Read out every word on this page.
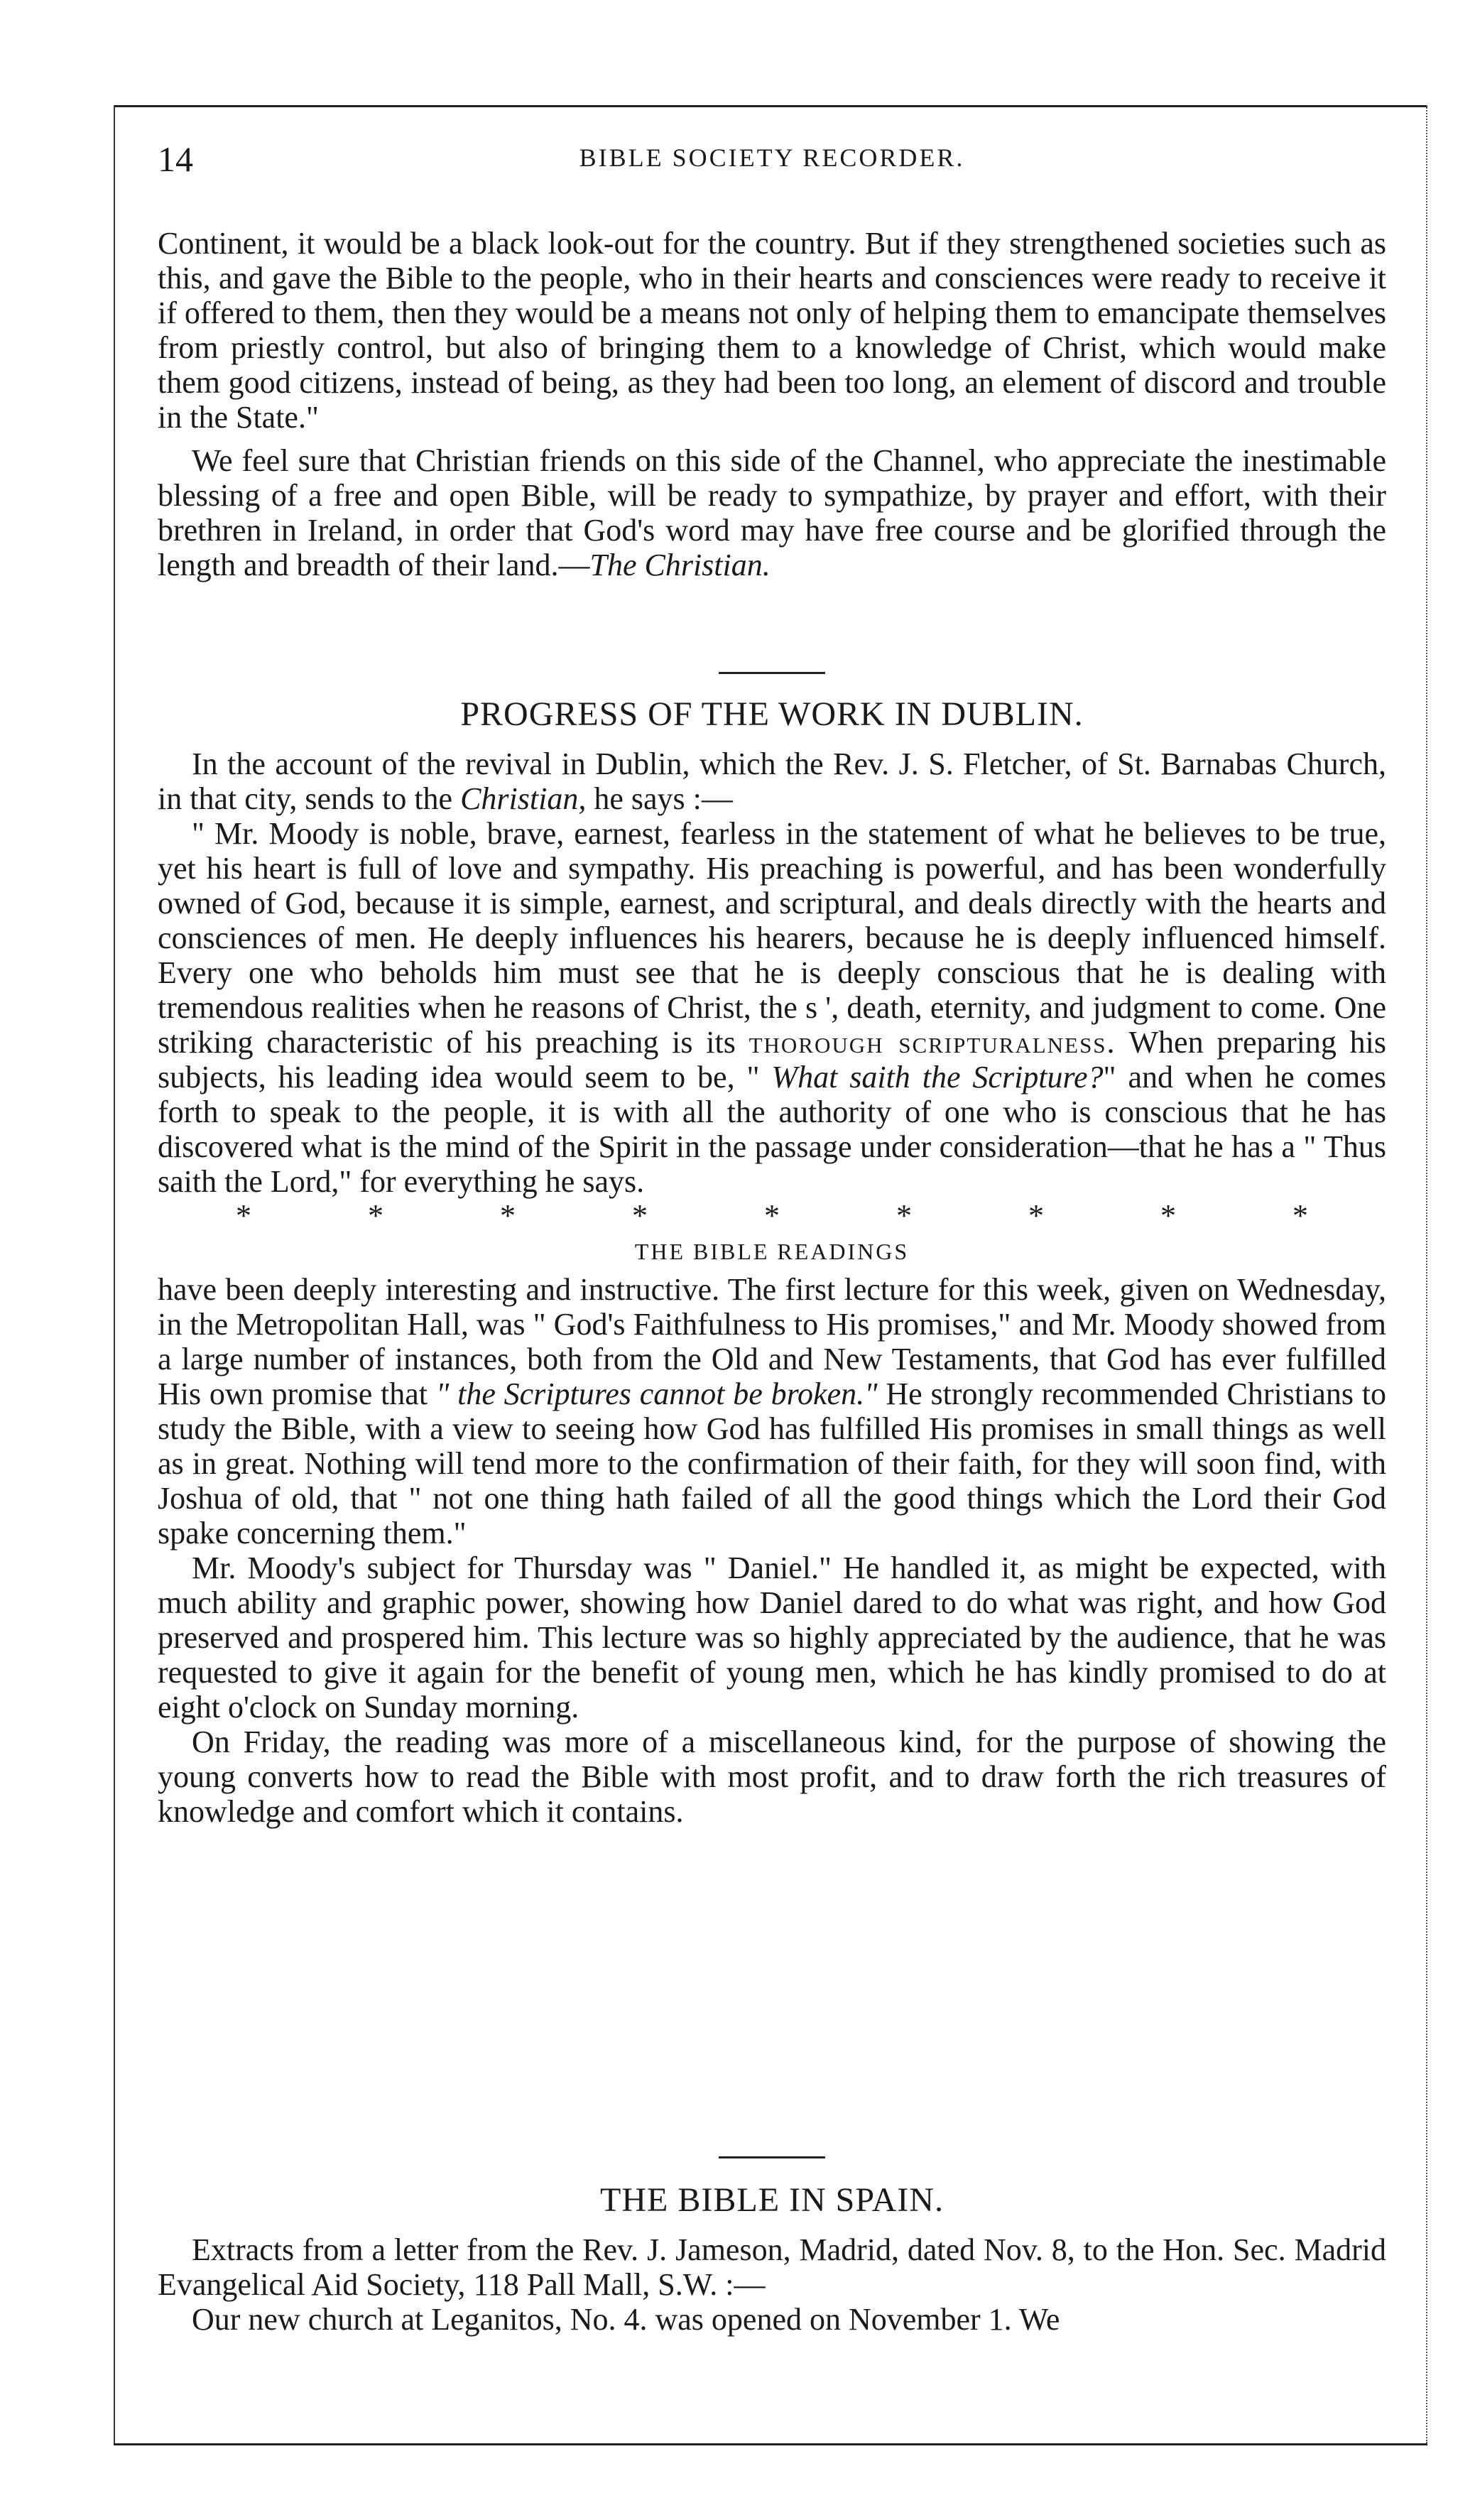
14	BIBLE SOCIETY RECORDER.

Continent, it would be a black look-out for the country. But if they strengthened societies such as this, and gave the Bible to the people, who in their hearts and consciences were ready to receive it if offered to them, then they would be a means not only of helping them to emancipate themselves from priestly control, but also of bringing them to a knowledge of Christ, which would make them good citizens, instead of being, as they had been too long, an element of discord and trouble in the State."

We feel sure that Christian friends on this side of the Channel, who appreciate the inestimable blessing of a free and open Bible, will be ready to sympathize, by prayer and effort, with their brethren in Ireland, in order that God's word may have free course and be glorified through the length and breadth of their land.—The Christian.

PROGRESS OF THE WORK IN DUBLIN.

In the account of the revival in Dublin, which the Rev. J. S. Fletcher, of St. Barnabas Church, in that city, sends to the Christian, he says :—

" Mr. Moody is noble, brave, earnest, fearless in the statement of what he believes to be true, yet his heart is full of love and sympathy. His preaching is powerful, and has been wonderfully owned of God, because it is simple, earnest, and scriptural, and deals directly with the hearts and consciences of men. He deeply influences his hearers, because he is deeply influenced himself. Every one who beholds him must see that he is deeply conscious that he is dealing with tremendous realities when he reasons of Christ, the s ', death, eternity, and judgment to come. One striking characteristic of his preaching is its thorough scripturalness. When preparing his subjects, his leading idea would seem to be, " What saith the Scripture?" and when he comes forth to speak to the people, it is with all the authority of one who is conscious that he has discovered what is the mind of the Spirit in the passage under consideration—that he has a " Thus saith the Lord," for everything he says.

*	*	*	*	*	*	*	*	*
THE BIBLE READINGS

have been deeply interesting and instructive. The first lecture for this week, given on Wednesday, in the Metropolitan Hall, was " God's Faithfulness to His promises," and Mr. Moody showed from a large number of instances, both from the Old and New Testaments, that God has ever fulfilled His own promise that " the Scriptures cannot be broken." He strongly recommended Christians to study the Bible, with a view to seeing how God has fulfilled His promises in small things as well as in great. Nothing will tend more to the confirmation of their faith, for they will soon find, with Joshua of old, that " not one thing hath failed of all the good things which the Lord their God spake concerning them."

Mr. Moody's subject for Thursday was " Daniel." He handled it, as might be expected, with much ability and graphic power, showing how Daniel dared to do what was right, and how God preserved and prospered him. This lecture was so highly appreciated by the audience, that he was requested to give it again for the benefit of young men, which he has kindly promised to do at eight o'clock on Sunday morning.

On Friday, the reading was more of a miscellaneous kind, for the purpose of showing the young converts how to read the Bible with most profit, and to draw forth the rich treasures of knowledge and comfort which it contains.

THE BIBLE IN SPAIN.

Extracts from a letter from the Rev. J. Jameson, Madrid, dated Nov. 8, to the Hon. Sec. Madrid Evangelical Aid Society, 118 Pall Mall, S.W. :—

Our new church at Leganitos, No. 4. was opened on November 1. We
